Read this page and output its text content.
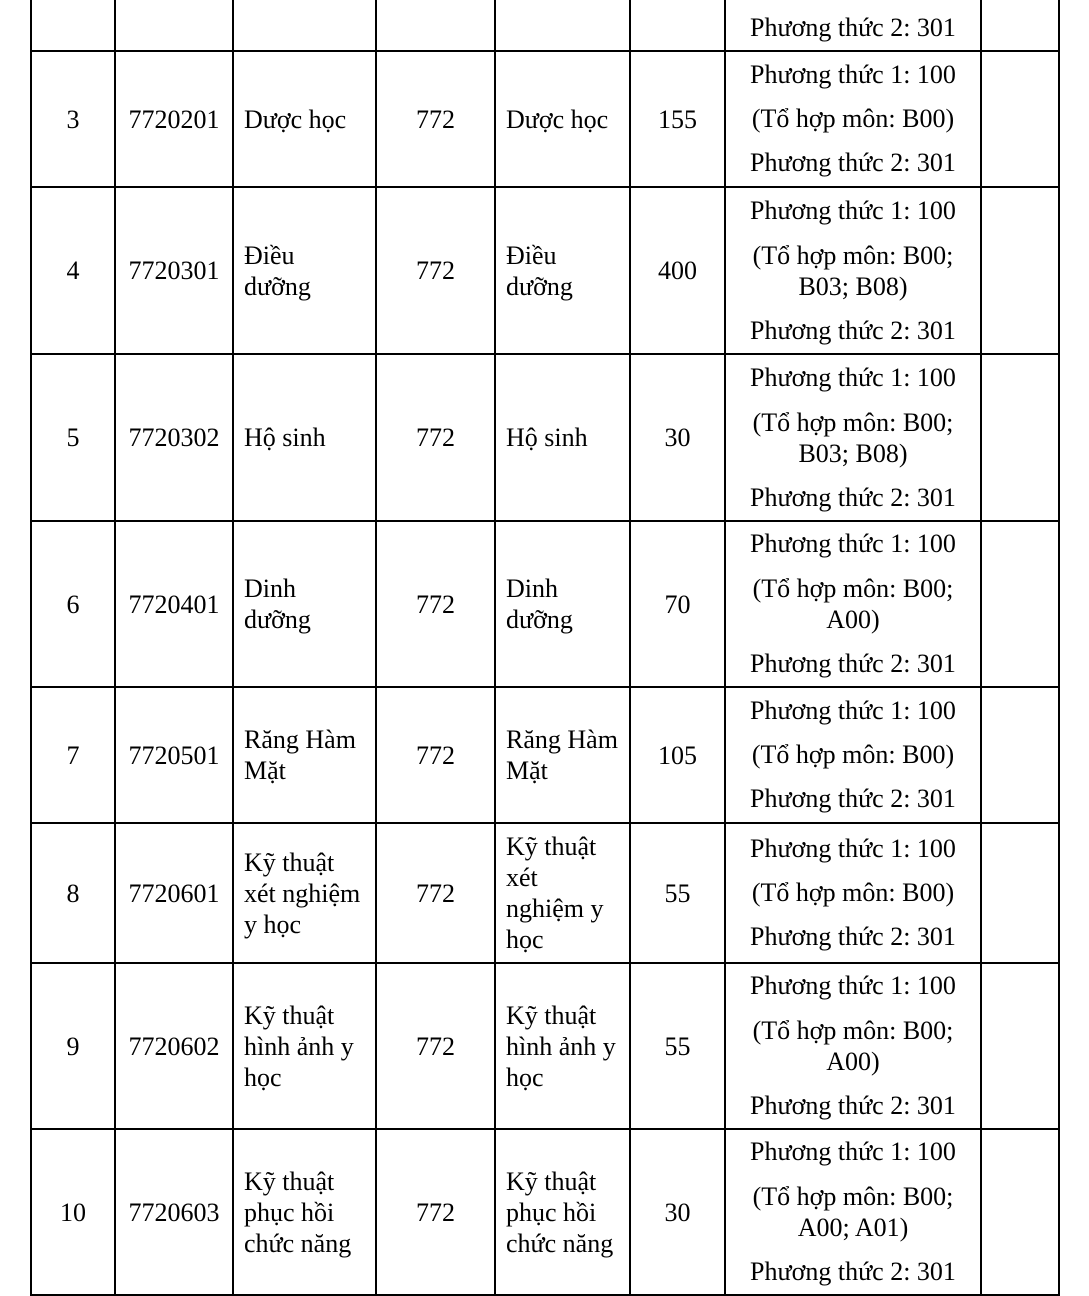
						Phương thức 2: 301	

3	7720201	Dược học	772	Dược học	155	Phương thức 1: 100
(Tổ hợp môn: B00)
Phương thức 2: 301	

4	7720301	Điều dưỡng	772	Điều dưỡng	400	Phương thức 1: 100
(Tổ hợp môn: B00; B03; B08)
Phương thức 2: 301	

5	7720302	Hộ sinh	772	Hộ sinh	30	Phương thức 1: 100
(Tổ hợp môn: B00; B03; B08)
Phương thức 2: 301	

6	7720401	Dinh dưỡng	772	Dinh dưỡng	70	Phương thức 1: 100
(Tổ hợp môn: B00; A00)
Phương thức 2: 301	

7	7720501	Răng Hàm Mặt	772	Răng Hàm Mặt	105	Phương thức 1: 100
(Tổ hợp môn: B00)
Phương thức 2: 301	

8	7720601	Kỹ thuật xét nghiệm y học	772	Kỹ thuật xét nghiệm y học	55	Phương thức 1: 100
(Tổ hợp môn: B00)
Phương thức 2: 301	

9	7720602	Kỹ thuật hình ảnh y học	772	Kỹ thuật hình ảnh y học	55	Phương thức 1: 100
(Tổ hợp môn: B00; A00)
Phương thức 2: 301	

10	7720603	Kỹ thuật phục hồi chức năng	772	Kỹ thuật phục hồi chức năng	30	Phương thức 1: 100
(Tổ hợp môn: B00; A00; A01)
Phương thức 2: 301	
